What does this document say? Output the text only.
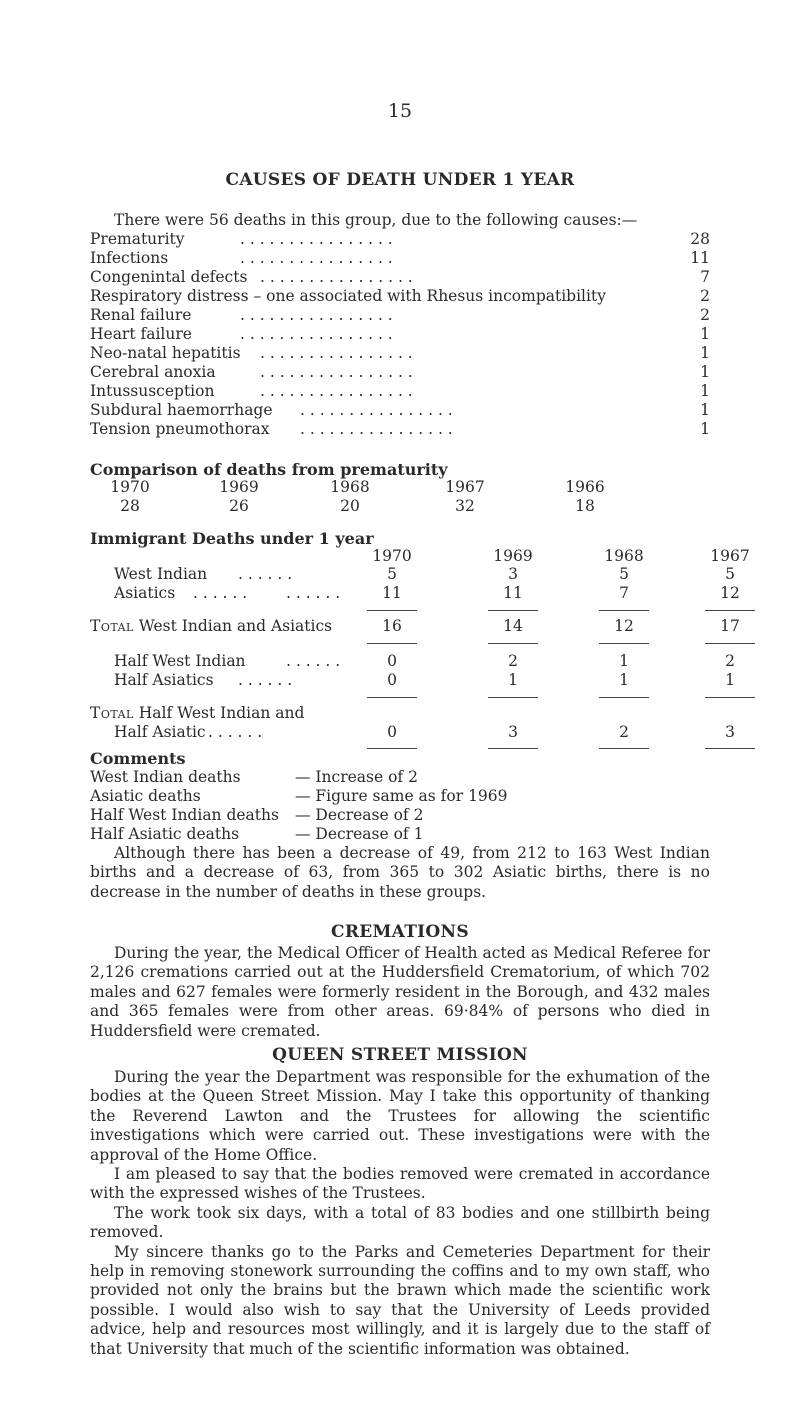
15
CAUSES OF DEATH UNDER 1 YEAR
There were 56 deaths in this group, due to the following causes:—
Prematurity	. . . . . . . . . . . . . . . .	28
Infections	. . . . . . . . . . . . . . . .	11
Congenintal defects . . . . . . . . . . . . . . . .	7
Respiratory distress – one associated with Rhesus incompatibility	2
Renal failure	. . . . . . . . . . . . . . . .	2
Heart failure	. . . . . . . . . . . . . . . .	1
Neo-natal hepatitis . . . . . . . . . . . . . . . .	1
Cerebral anoxia	. . . . . . . . . . . . . . . .	1
Intussusception	. . . . . . . . . . . . . . . .	1
Subdural haemorrhage . . . . . . . . . . . . . . . .	1
Tension pneumothorax . . . . . . . . . . . . . . . .	1
Comparison of deaths from prematurity
1970	1969	1968	1967	1966
28	26	20	32	18
Immigrant Deaths under 1 year
1970	1969	1968	1967
West Indian . . . . . .	5	3	5	5
Asiatics . . . . . .	. . . . . .	11	11	7	12
Total West Indian and Asiatics	16	14	12	17
Half West Indian	. . . . . .	0	2	1	2
Half Asiatics . . . . . .	0	1	1	1
Total Half West Indian and
Half Asiatic . . . . . .	0	3	2	3
Comments
West Indian deaths	— Increase of 2
Asiatic deaths	— Figure same as for 1969
Half West Indian deaths — Decrease of 2
Half Asiatic deaths	— Decrease of 1

Although there has been a decrease of 49, from 212 to 163 West Indian births and a decrease of 63, from 365 to 302 Asiatic births, there is no decrease in the number of deaths in these groups.

CREMATIONS

During the year, the Medical Officer of Health acted as Medical Referee for 2,126 cremations carried out at the Huddersfield Crematorium, of which 702 males and 627 females were formerly resident in the Borough, and 432 males and 365 females were from other areas. 69·84% of persons who died in Huddersfield were cremated.

QUEEN STREET MISSION

During the year the Department was responsible for the exhumation of the bodies at the Queen Street Mission. May I take this opportunity of thanking the Reverend Lawton and the Trustees for allowing the scientific investigations which were carried out. These investigations were with the approval of the Home Office.

I am pleased to say that the bodies removed were cremated in accordance with the expressed wishes of the Trustees.

The work took six days, with a total of 83 bodies and one stillbirth being removed.

My sincere thanks go to the Parks and Cemeteries Department for their help in removing stonework surrounding the coffins and to my own staff, who provided not only the brains but the brawn which made the scientific work possible. I would also wish to say that the University of Leeds provided advice, help and resources most willingly, and it is largely due to the staff of that University that much of the scientific information was obtained.
